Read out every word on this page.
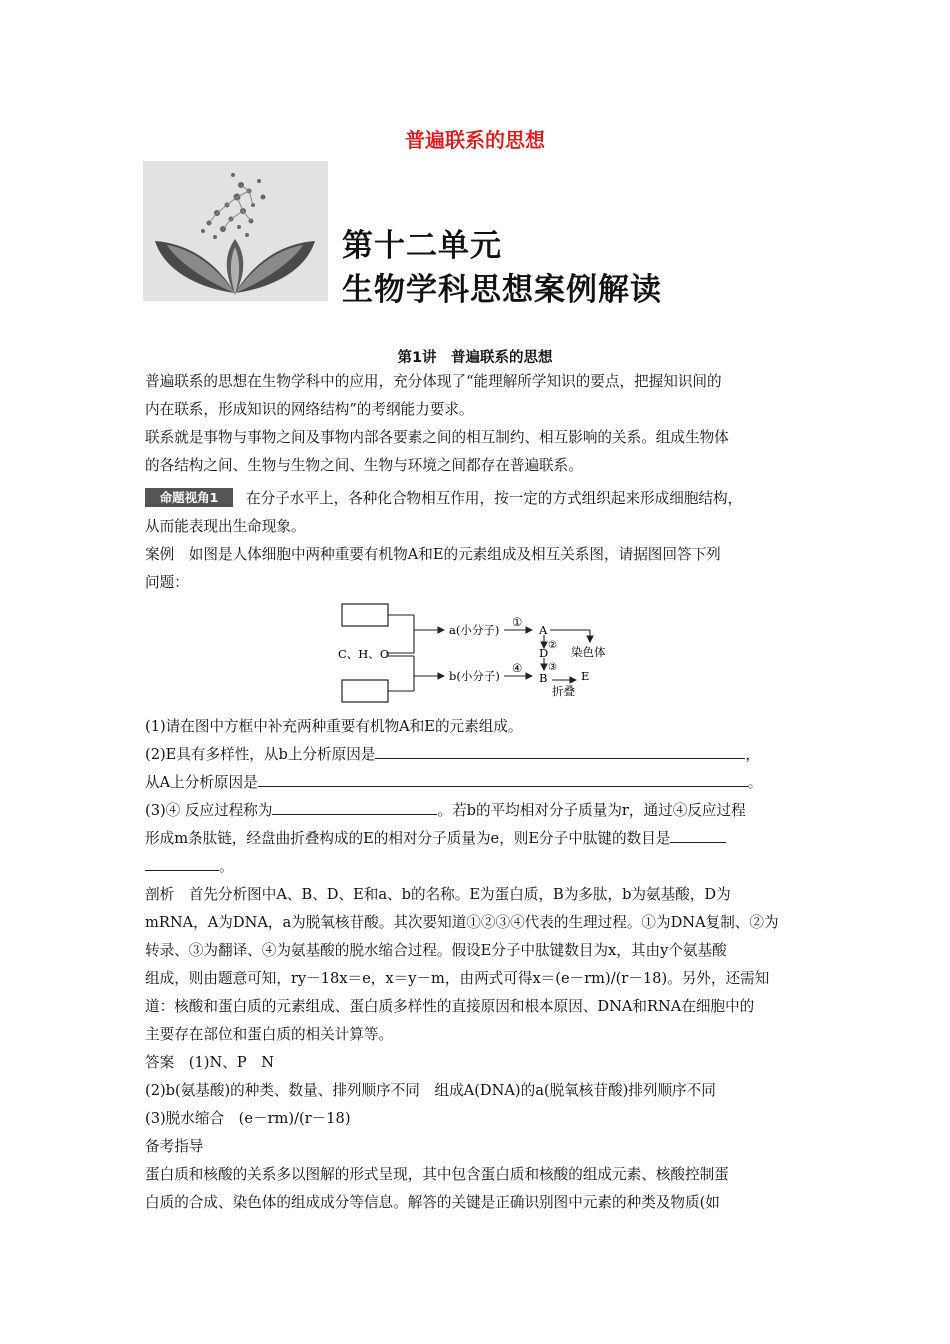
普遍联系的思想
第十二单元
生物学科思想案例解读
第1讲　普遍联系的思想
普遍联系的思想在生物学科中的应用，充分体现了“能理解所学知识的要点，把握知识间的
内在联系，形成知识的网络结构”的考纲能力要求。
联系就是事物与事物之间及事物内部各要素之间的相互制约、相互影响的关系。组成生物体
的各结构之间、生物与生物之间、生物与环境之间都存在普遍联系。
命题视角1	在分子水平上，各种化合物相互作用，按一定的方式组织起来形成细胞结构，
从而能表现出生命现象。
案例　如图是人体细胞中两种重要有机物A和E的元素组成及相互关系图，请据图回答下列
问题：
C、H、O
a(小分子)
b(小分子)
①
④
A
②
D
③
B
染色体
E
折叠
(1)请在图中方框中补充两种重要有机物A和E的元素组成。
(2)E具有多样性，从b上分析原因是	，
从A上分析原因是	。
(3)④ 反应过程称为	。若b的平均相对分子质量为r，通过④反应过程
形成m条肽链，经盘曲折叠构成的E的相对分子质量为e，则E分子中肽键的数目是
。
剖析　首先分析图中A、B、D、E和a、b的名称。E为蛋白质，B为多肽，b为氨基酸，D为
mRNA，A为DNA，a为脱氧核苷酸。其次要知道①②③④代表的生理过程。①为DNA复制、②为
转录、③为翻译、④为氨基酸的脱水缩合过程。假设E分子中肽键数目为x，其由y个氨基酸
组成，则由题意可知，ry－18x＝e，x＝y－m，由两式可得x＝(e－rm)/(r－18)。另外，还需知
道：核酸和蛋白质的元素组成、蛋白质多样性的直接原因和根本原因、DNA和RNA在细胞中的
主要存在部位和蛋白质的相关计算等。
答案　(1)N、P　N
(2)b(氨基酸)的种类、数量、排列顺序不同　组成A(DNA)的a(脱氧核苷酸)排列顺序不同
(3)脱水缩合　(e－rm)/(r－18)
备考指导
蛋白质和核酸的关系多以图解的形式呈现，其中包含蛋白质和核酸的组成元素、核酸控制蛋
白质的合成、染色体的组成成分等信息。解答的关键是正确识别图中元素的种类及物质(如
